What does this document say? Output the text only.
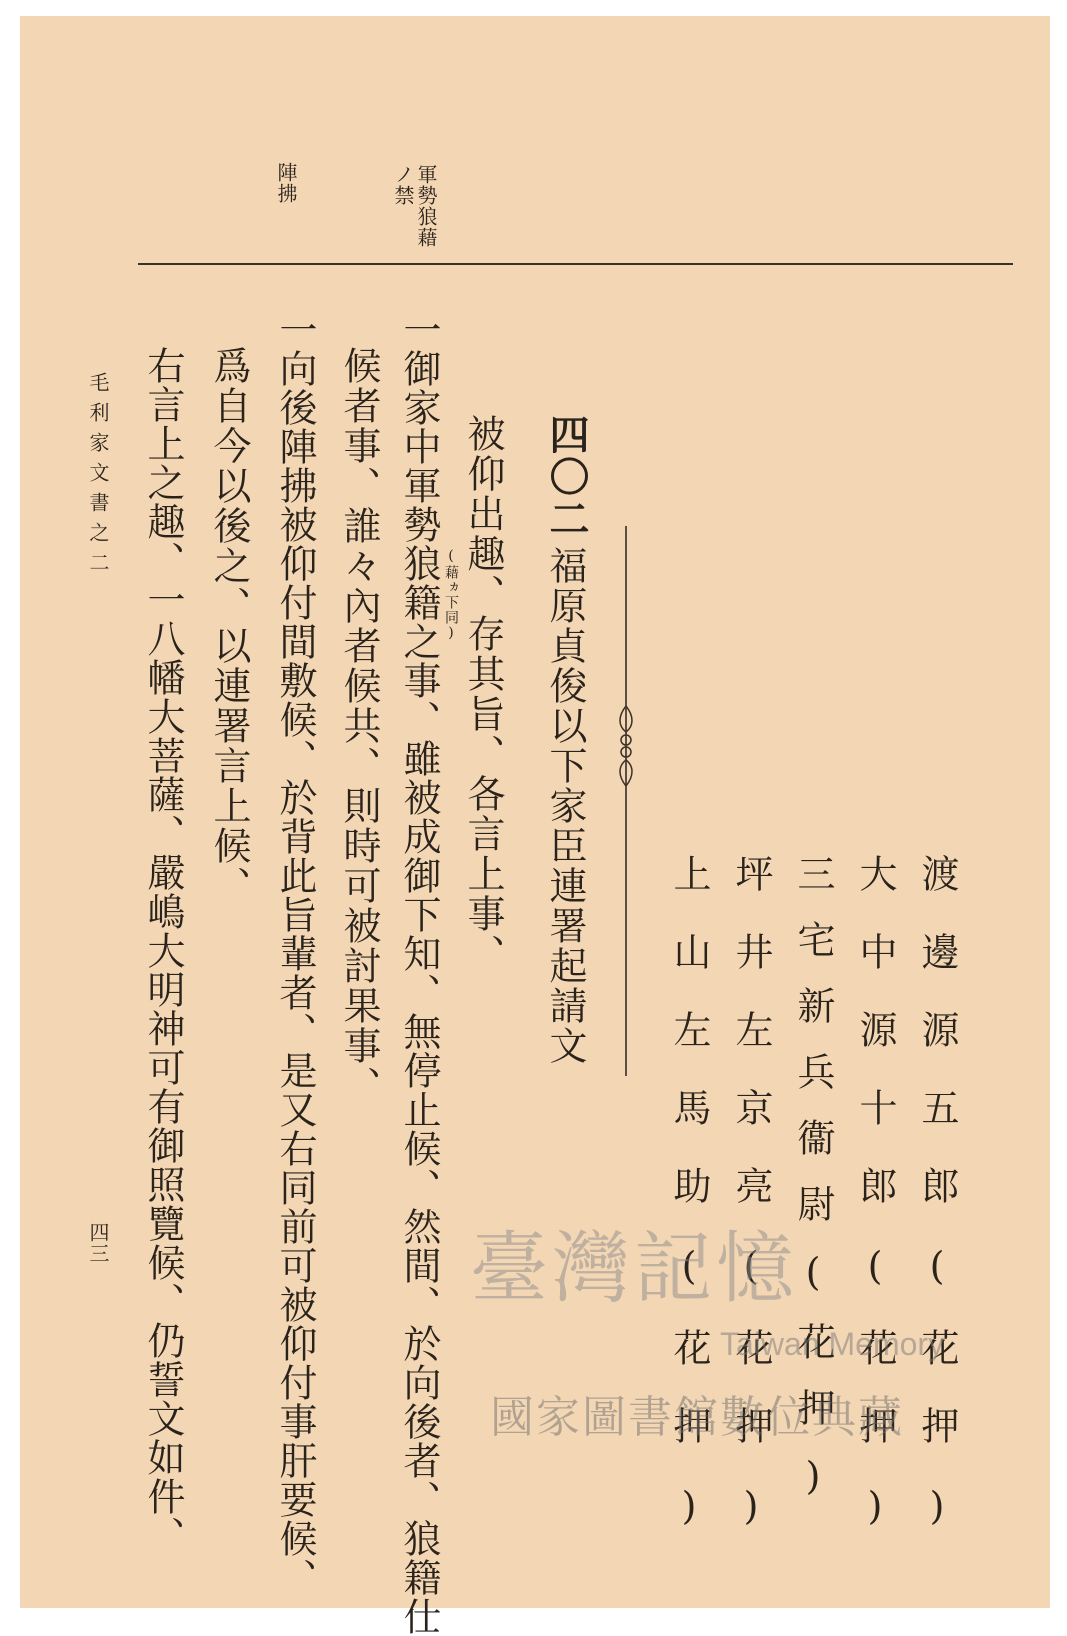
軍勢狼藉
ノ禁
陣拂
渡邊源五郎(花押)
大中源十郎(花押)
三宅新兵衞尉(花押)
坪井左京亮(花押)
上山左馬助(花押)
四〇二
福原貞俊以下家臣連署起請文
被仰出趣、存其旨、各言上事、
(藉ヵ下同)
一御家中軍勢狼籍之事、雖被成御下知、無停止候、然間、於向後者、狼籍仕
候者事、誰々內者候共、則時可被討果事、
一向後陣拂被仰付間敷候、於背此旨輩者、是又右同前可被仰付事肝要候、
爲自今以後之、以連署言上候、
右言上之趣、一八幡大菩薩、嚴嶋大明神可有御照覽候、仍誓文如件、
毛利家文書之二
四三	臺灣記憶
Taiwan Memory
國家圖書館數位典藏
